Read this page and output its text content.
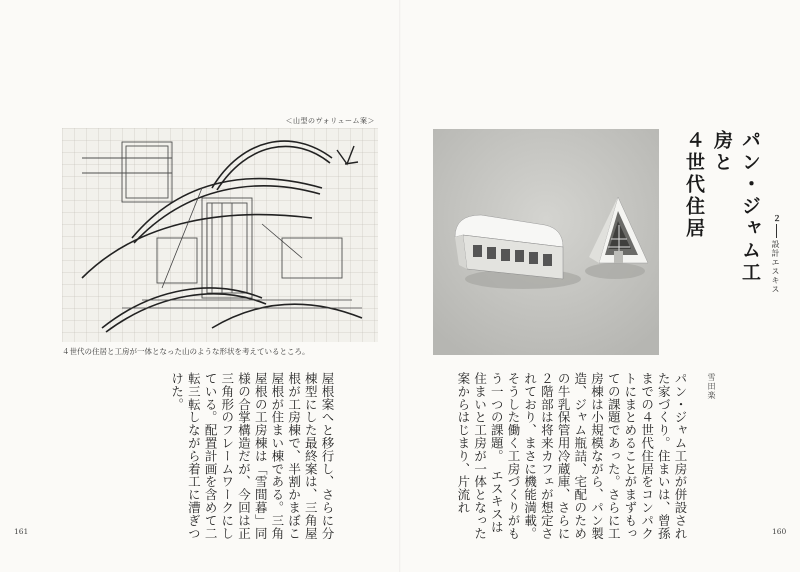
＜山型のヴォリューム案＞
４世代の住居と工房が一体となった山のような形状を考えているところ。
屋根案へと移行し、さらに分棟型にした最終案は、三角屋根が工房棟で、半割かまぼこ屋根が住まい棟である。三角屋根の工房棟は「雪間暮」同様の合掌構造だが、今回は正三角形のフレームワークにしている。配置計画を含めて二転三転しながら着工に漕ぎつけた。
161
パン・ジャム工房と
４世代住居	２
設計エスキス
雪田楽
パン・ジャム工房が併設された家づくり。住まいは、曾孫までの４世代住居をコンパクトにまとめることがまずもっての課題であった。さらに工房棟は小規模ながら、パン製造、ジャム瓶詰、宅配のための牛乳保管用冷蔵庫、さらに２階部は将来カフェが想定されており、まさに機能満載。そうした働く工房づくりがもう一つの課題。　エスキスは住まいと工房が一体となった案からはじまり、片流れ
160
